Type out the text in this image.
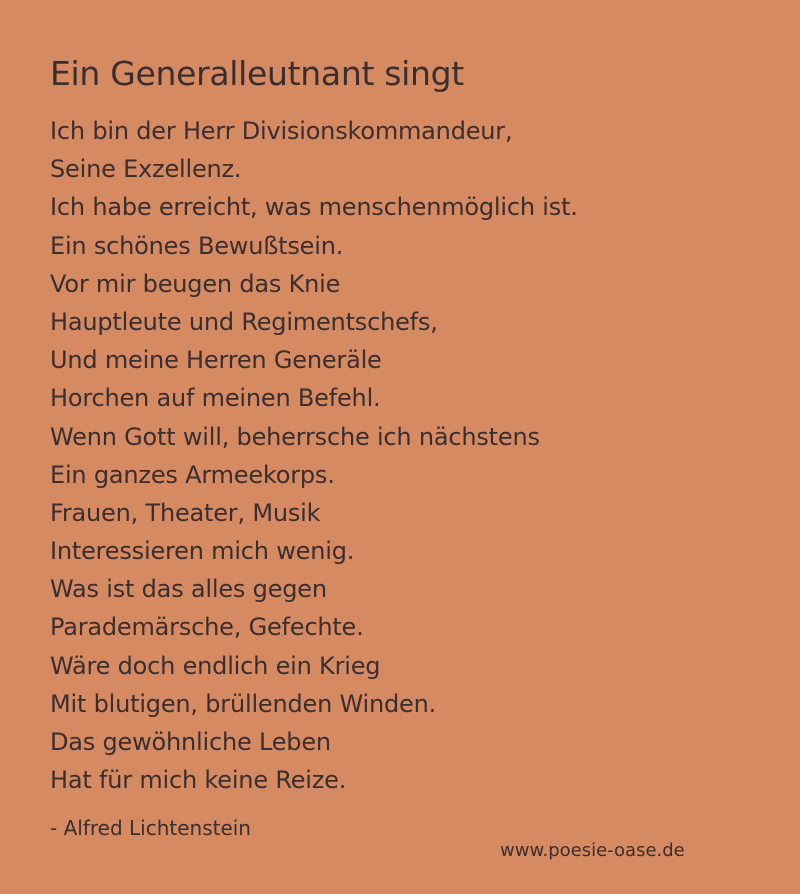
Ein Generalleutnant singt
Ich bin der Herr Divisionskommandeur,
Seine Exzellenz.
Ich habe erreicht, was menschenmöglich ist.
Ein schönes Bewußtsein.
Vor mir beugen das Knie
Hauptleute und Regimentschefs,
Und meine Herren Generäle
Horchen auf meinen Befehl.
Wenn Gott will, beherrsche ich nächstens
Ein ganzes Armeekorps.
Frauen, Theater, Musik
Interessieren mich wenig.
Was ist das alles gegen
Parademärsche, Gefechte.
Wäre doch endlich ein Krieg
Mit blutigen, brüllenden Winden.
Das gewöhnliche Leben
Hat für mich keine Reize.
- Alfred Lichtenstein
www.poesie-oase.de
